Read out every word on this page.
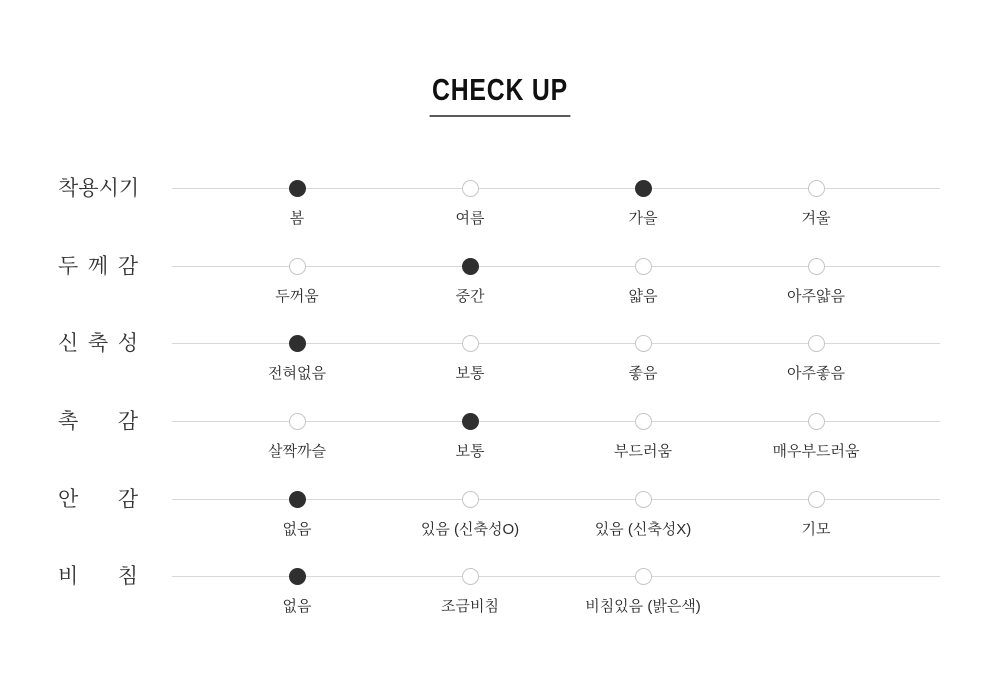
CHECK UP
착 용 시 기
봄	여름	가을	겨울
두 께 감
두꺼움	중간	얇음	아주얇음
신 축 성
전혀없음	보통	좋음	아주좋음
촉 감
살짝까슬	보통	부드러움	매우부드러움
안 감
없음	있음 (신축성O)	있음 (신축성X)	기모
비 침
없음	조금비침	비침있음 (밝은색)
